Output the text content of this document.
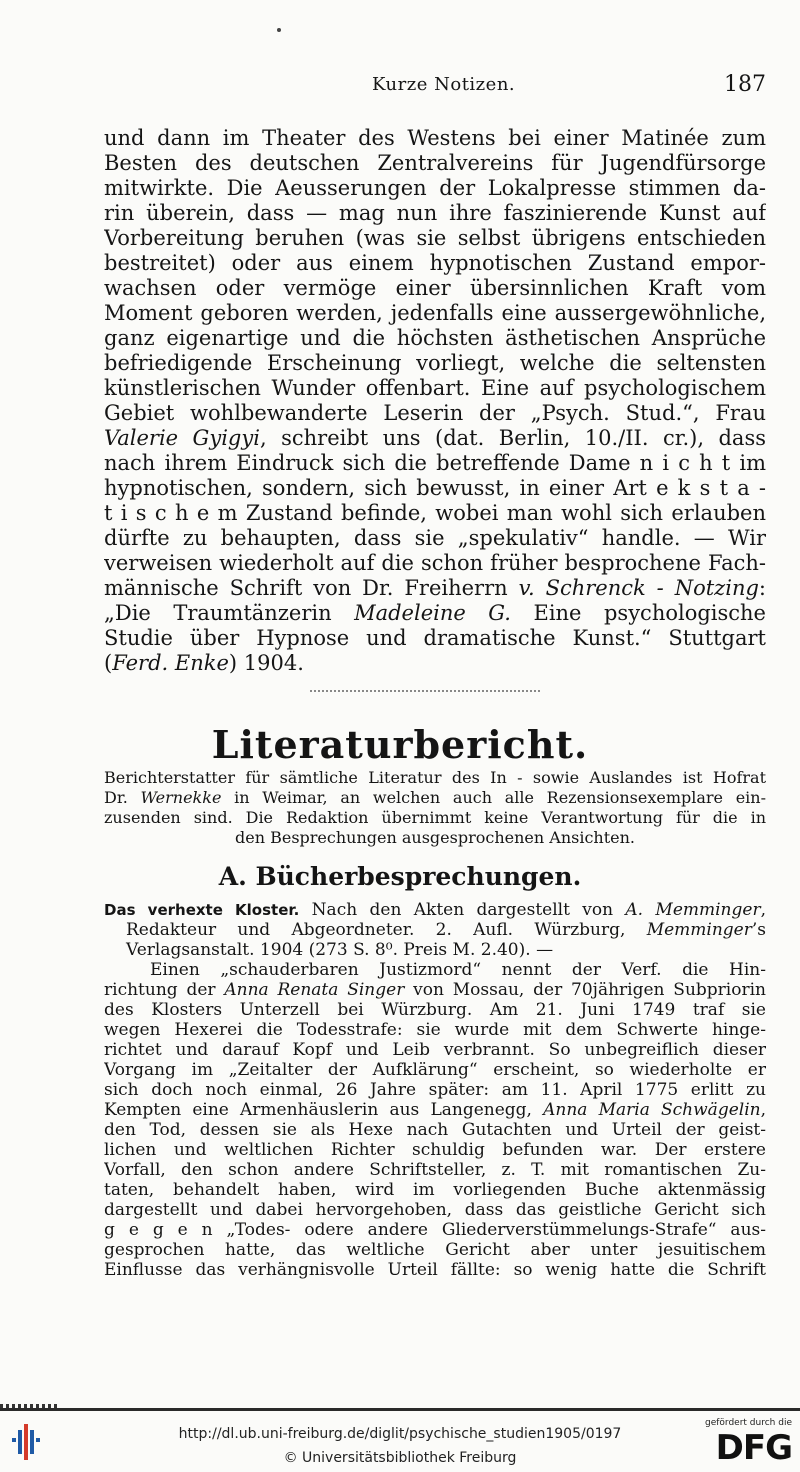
Kurze Notizen.	187
und dann im Theater des Westens bei einer Matinée zum
Besten des deutschen Zentralvereins für Jugendfürsorge
mitwirkte. Die Aeusserungen der Lokalpresse stimmen da-
rin überein, dass — mag nun ihre faszinierende Kunst auf
Vorbereitung beruhen (was sie selbst übrigens entschieden
bestreitet) oder aus einem hypnotischen Zustand empor-
wachsen oder vermöge einer übersinnlichen Kraft vom
Moment geboren werden, jedenfalls eine aussergewöhnliche,
ganz eigenartige und die höchsten ästhetischen Ansprüche
befriedigende Erscheinung vorliegt, welche die seltensten
künstlerischen Wunder offenbart. Eine auf psychologischem
Gebiet wohlbewanderte Leserin der „Psych. Stud.“, Frau
Valerie Gyigyi, schreibt uns (dat. Berlin, 10./II. cr.), dass
nach ihrem Eindruck sich die betreffende Dame n i c h t im
hypnotischen, sondern, sich bewusst, in einer Art e k s t a -
t i s c h e m Zustand befinde, wobei man wohl sich erlauben
dürfte zu behaupten, dass sie „spekulativ“ handle. — Wir
verweisen wiederholt auf die schon früher besprochene Fach-
männische Schrift von Dr. Freiherrn v. Schrenck - Notzing:
„Die Traumtänzerin Madeleine G. Eine psychologische
Studie über Hypnose und dramatische Kunst.“ Stuttgart
(Ferd. Enke) 1904.
Literaturbericht.
Berichterstatter für sämtliche Literatur des In - sowie Auslandes ist Hofrat
Dr. Wernekke in Weimar, an welchen auch alle Rezensionsexemplare ein-
zusenden sind. Die Redaktion übernimmt keine Verantwortung für die in
den Besprechungen ausgesprochenen Ansichten.
A. Bücherbesprechungen.
Das verhexte Kloster. Nach den Akten dargestellt von A. Memminger,
Redakteur und Abgeordneter. 2. Aufl. Würzburg, Memminger’s
Verlagsanstalt. 1904 (273 S. 8⁰. Preis M. 2.40). —
Einen „schauderbaren Justizmord“ nennt der Verf. die Hin-
richtung der Anna Renata Singer von Mossau, der 70jährigen Subpriorin
des Klosters Unterzell bei Würzburg. Am 21. Juni 1749 traf sie
wegen Hexerei die Todesstrafe: sie wurde mit dem Schwerte hinge-
richtet und darauf Kopf und Leib verbrannt. So unbegreiflich dieser
Vorgang im „Zeitalter der Aufklärung“ erscheint, so wiederholte er
sich doch noch einmal, 26 Jahre später: am 11. April 1775 erlitt zu
Kempten eine Armenhäuslerin aus Langenegg, Anna Maria Schwägelin,
den Tod, dessen sie als Hexe nach Gutachten und Urteil der geist-
lichen und weltlichen Richter schuldig befunden war. Der erstere
Vorfall, den schon andere Schriftsteller, z. T. mit romantischen Zu-
taten, behandelt haben, wird im vorliegenden Buche aktenmässig
dargestellt und dabei hervorgehoben, dass das geistliche Gericht sich
g e g e n „Todes- odere andere Gliederverstümmelungs-Strafe“ aus-
gesprochen hatte, das weltliche Gericht aber unter jesuitischem
Einflusse das verhängnisvolle Urteil fällte: so wenig hatte die Schrift
http://dl.ub.uni-freiburg.de/diglit/psychische_studien1905/0197
© Universitätsbibliothek Freiburg
gefördert durch die
DFG
